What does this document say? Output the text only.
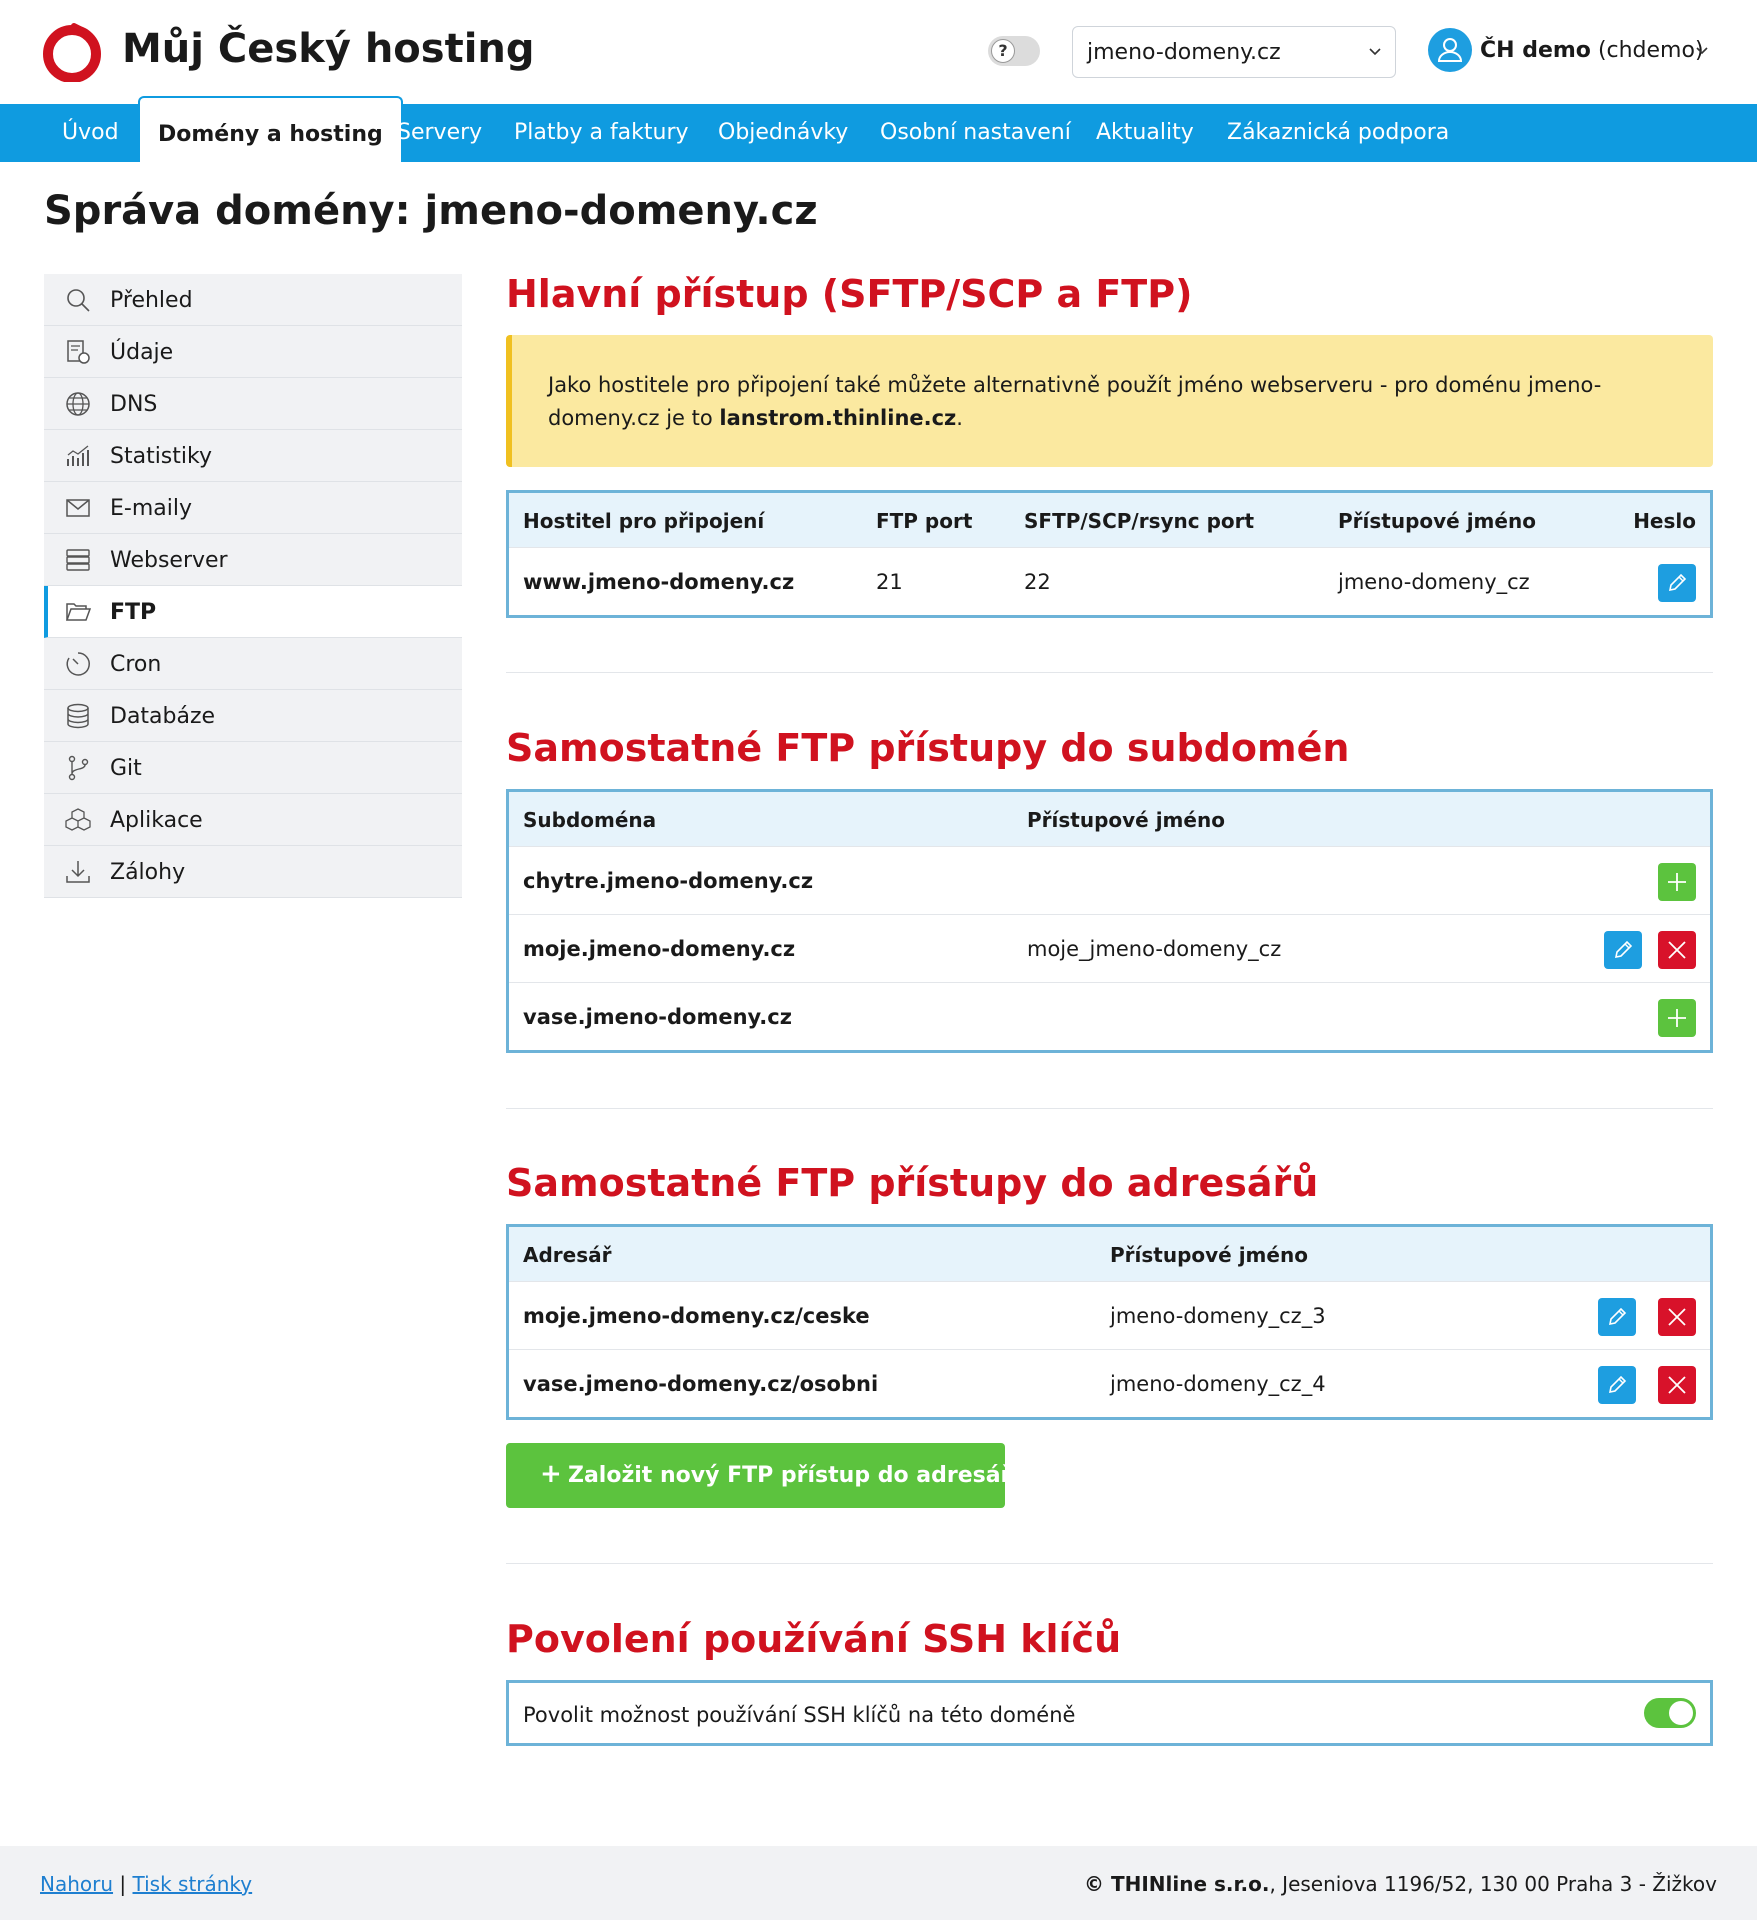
Můj Český hosting	?	jmeno-domeny.cz	ČH demo (chdemo)
Úvod	Domény a hosting Servery Platby a faktury Objednávky Osobní nastavení Aktuality Zákaznická podpora
Správa domény: jmeno-domeny.cz
Přehled
Údaje
DNS
Statistiky
E-maily
Webserver
FTP
Cron
Databáze
Git
Aplikace
Zálohy
Hlavní přístup (SFTP/SCP a FTP)
Jako hostitele pro připojení také můžete alternativně použít jméno webserveru - pro doménu jmeno-domeny.cz je to lanstrom.thinline.cz.
Hostitel pro připojení	FTP port	SFTP/SCP/rsync port	Přístupové jméno	Heslo
www.jmeno-domeny.cz	21	22	jmeno-domeny_cz
Samostatné FTP přístupy do subdomén
Subdoména	Přístupové jméno
chytre.jmeno-domeny.cz
moje.jmeno-domeny.cz	moje_jmeno-domeny_cz
vase.jmeno-domeny.cz
Samostatné FTP přístupy do adresářů
Adresář	Přístupové jméno
moje.jmeno-domeny.cz/ceske	jmeno-domeny_cz_3
vase.jmeno-domeny.cz/osobni	jmeno-domeny_cz_4
+ Založit nový FTP přístup do adresáře
Povolení používání SSH klíčů
Povolit možnost používání SSH klíčů na této doméně
Nahoru | Tisk stránky	© THINline s.r.o., Jeseniova 1196/52, 130 00 Praha 3 - Žižkov
